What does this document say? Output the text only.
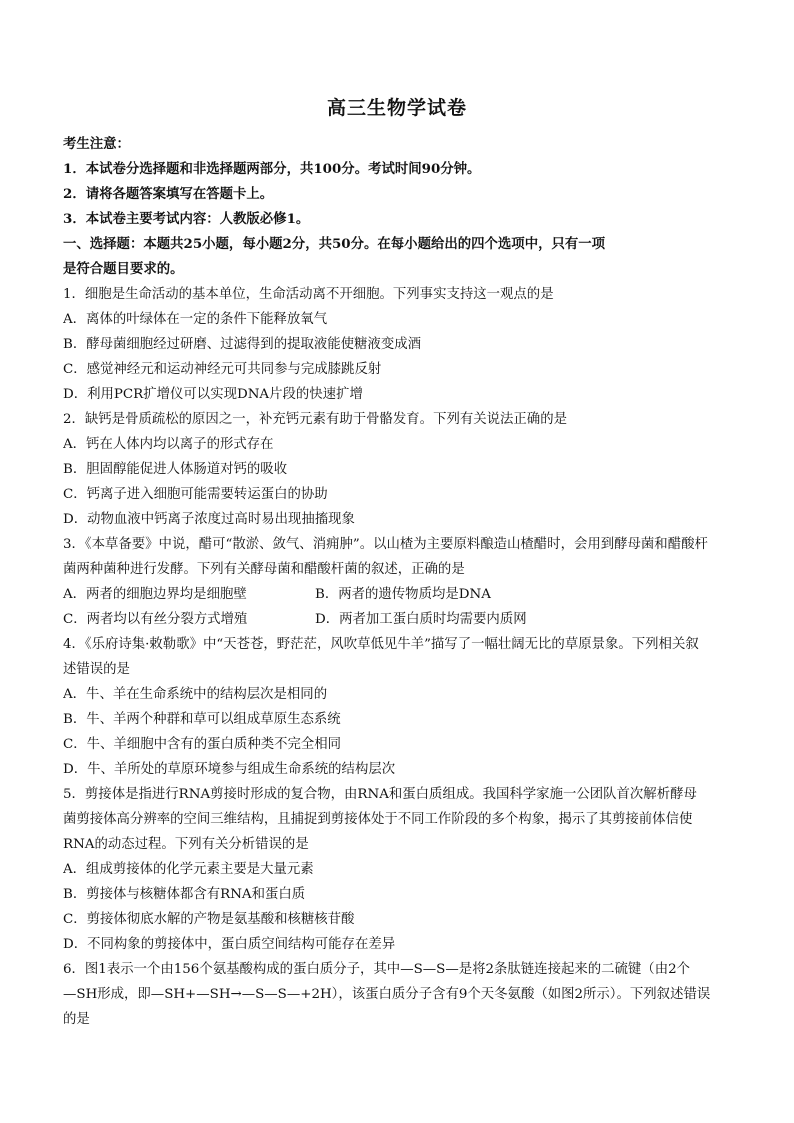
高三生物学试卷
考生注意：
1．本试卷分选择题和非选择题两部分，共100分。考试时间90分钟。
2．请将各题答案填写在答题卡上。
3．本试卷主要考试内容：人教版必修1。
一、选择题：本题共25小题，每小题2分，共50分。在每小题给出的四个选项中，只有一项
是符合题目要求的。
1．细胞是生命活动的基本单位，生命活动离不开细胞。下列事实支持这一观点的是
A．离体的叶绿体在一定的条件下能释放氧气
B．酵母菌细胞经过研磨、过滤得到的提取液能使糖液变成酒
C．感觉神经元和运动神经元可共同参与完成膝跳反射
D．利用PCR扩增仪可以实现DNA片段的快速扩增
2．缺钙是骨质疏松的原因之一，补充钙元素有助于骨骼发育。下列有关说法正确的是
A．钙在人体内均以离子的形式存在
B．胆固醇能促进人体肠道对钙的吸收
C．钙离子进入细胞可能需要转运蛋白的协助
D．动物血液中钙离子浓度过高时易出现抽搐现象
3．《本草备要》中说，醋可“散淤、敛气、消痈肿”。以山楂为主要原料酿造山楂醋时，会用到酵母菌和醋酸杆
菌两种菌种进行发酵。下列有关酵母菌和醋酸杆菌的叙述，正确的是
A．两者的细胞边界均是细胞壁	B．两者的遗传物质均是DNA
C．两者均以有丝分裂方式增殖	D．两者加工蛋白质时均需要内质网
4．《乐府诗集·敕勒歌》中“天苍苍，野茫茫，风吹草低见牛羊”描写了一幅壮阔无比的草原景象。下列相关叙
述错误的是
A．牛、羊在生命系统中的结构层次是相同的
B．牛、羊两个种群和草可以组成草原生态系统
C．牛、羊细胞中含有的蛋白质种类不完全相同
D．牛、羊所处的草原环境参与组成生命系统的结构层次
5．剪接体是指进行RNA剪接时形成的复合物，由RNA和蛋白质组成。我国科学家施一公团队首次解析酵母
菌剪接体高分辨率的空间三维结构，且捕捉到剪接体处于不同工作阶段的多个构象，揭示了其剪接前体信使
RNA的动态过程。下列有关分析错误的是
A．组成剪接体的化学元素主要是大量元素
B．剪接体与核糖体都含有RNA和蛋白质
C．剪接体彻底水解的产物是氨基酸和核糖核苷酸
D．不同构象的剪接体中，蛋白质空间结构可能存在差异
6．图1表示一个由156个氨基酸构成的蛋白质分子，其中—S—S—是将2条肽链连接起来的二硫键（由2个
—SH形成，即—SH+—SH→—S—S—+2H），该蛋白质分子含有9个天冬氨酸（如图2所示）。下列叙述错误
的是
